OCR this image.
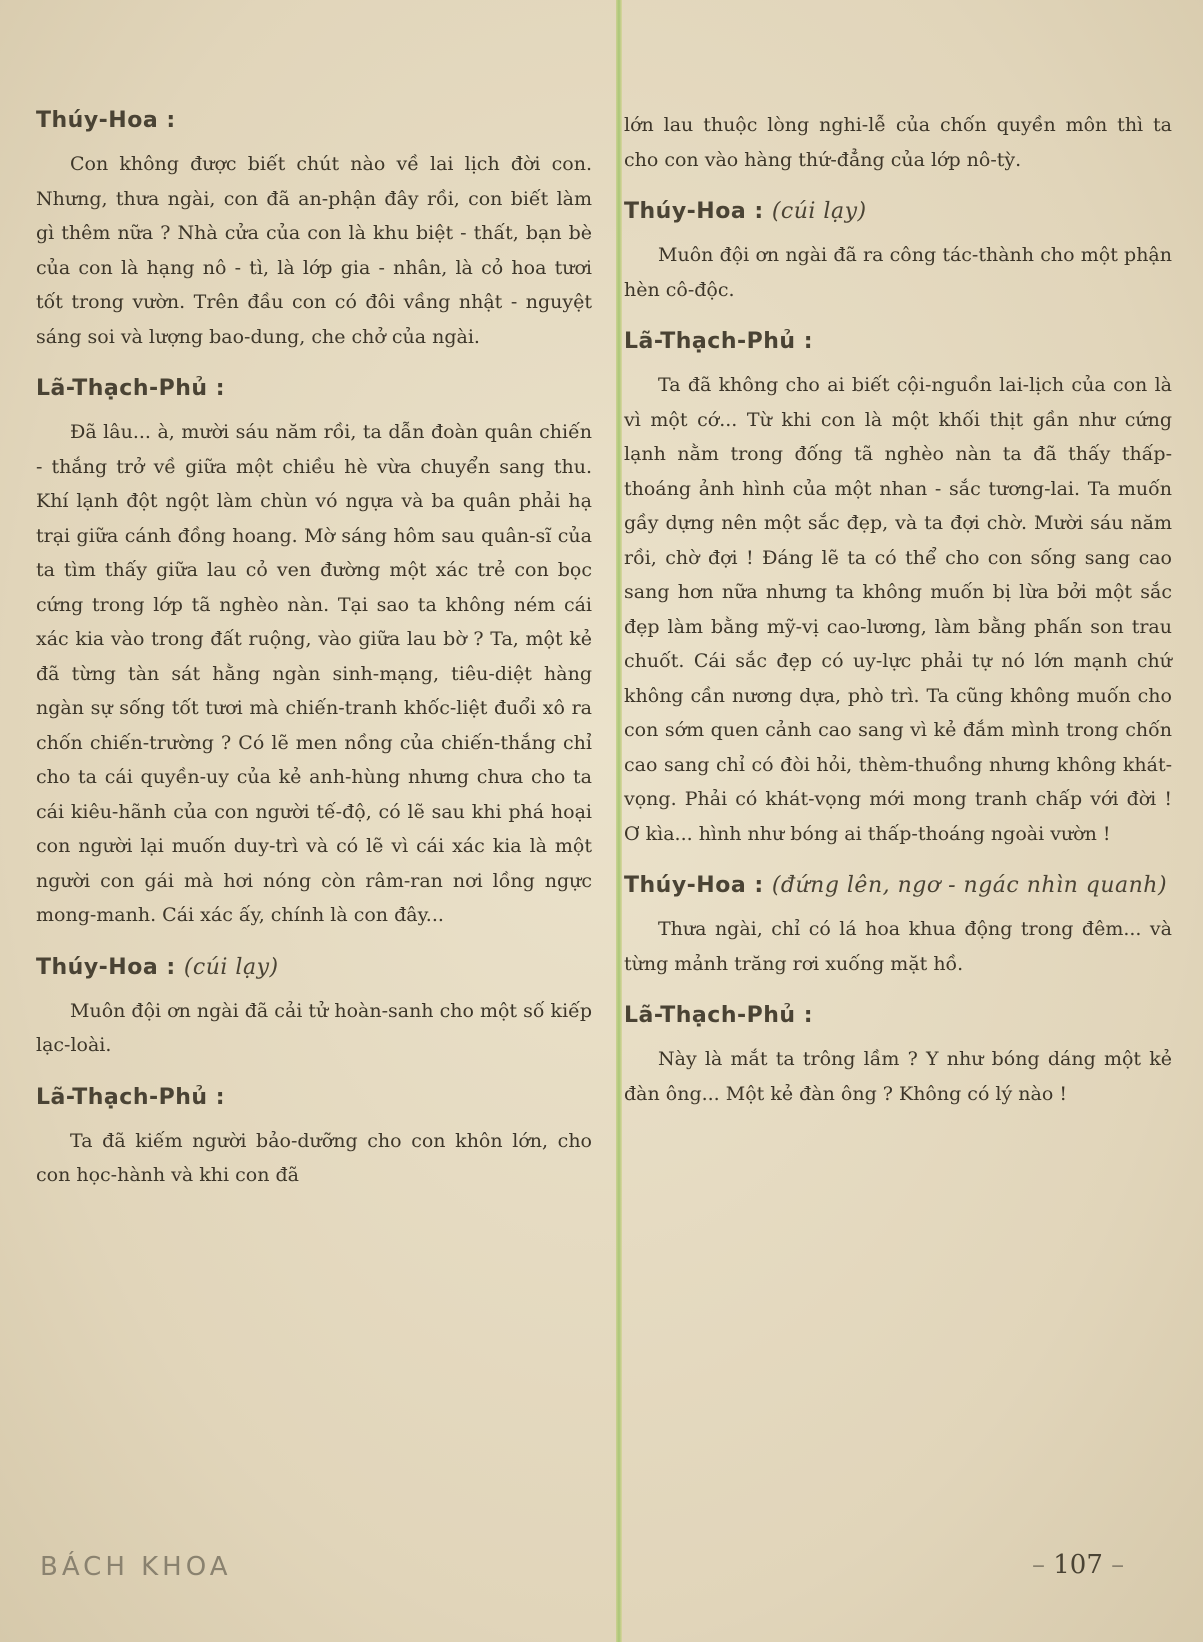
Thúy-Hoa :

Con không được biết chút nào về lai lịch đời con. Nhưng, thưa ngài, con đã an-phận đây rồi, con biết làm gì thêm nữa ? Nhà cửa của con là khu biệt - thất, bạn bè của con là hạng nô - tì, là lớp gia - nhân, là cỏ hoa tươi tốt trong vườn. Trên đầu con có đôi vầng nhật - nguyệt sáng soi và lượng bao-dung, che chở của ngài.

Lã-Thạch-Phủ :

Đã lâu... à, mười sáu năm rồi, ta dẫn đoàn quân chiến - thắng trở về giữa một chiều hè vừa chuyển sang thu. Khí lạnh đột ngột làm chùn vó ngựa và ba quân phải hạ trại giữa cánh đồng hoang. Mờ sáng hôm sau quân-sĩ của ta tìm thấy giữa lau cỏ ven đường một xác trẻ con bọc cứng trong lớp tã nghèo nàn. Tại sao ta không ném cái xác kia vào trong đất ruộng, vào giữa lau bờ ? Ta, một kẻ đã từng tàn sát hằng ngàn sinh-mạng, tiêu-diệt hàng ngàn sự sống tốt tươi mà chiến-tranh khốc-liệt đuổi xô ra chốn chiến-trường ? Có lẽ men nồng của chiến-thắng chỉ cho ta cái quyền-uy của kẻ anh-hùng nhưng chưa cho ta cái kiêu-hãnh của con người tế-độ, có lẽ sau khi phá hoại con người lại muốn duy-trì và có lẽ vì cái xác kia là một người con gái mà hơi nóng còn râm-ran nơi lồng ngực mong-manh. Cái xác ấy, chính là con đây...

Thúy-Hoa : (cúi lạy)

Muôn đội ơn ngài đã cải tử hoàn-sanh cho một số kiếp lạc-loài.

Lã-Thạch-Phủ :

Ta đã kiếm người bảo-dưỡng cho con khôn lớn, cho con học-hành và khi con đã

lớn lau thuộc lòng nghi-lễ của chốn quyền môn thì ta cho con vào hàng thứ-đẳng của lớp nô-tỳ.

Thúy-Hoa : (cúi lạy)

Muôn đội ơn ngài đã ra công tác-thành cho một phận hèn cô-độc.

Lã-Thạch-Phủ :

Ta đã không cho ai biết cội-nguồn lai-lịch của con là vì một cớ... Từ khi con là một khối thịt gần như cứng lạnh nằm trong đống tã nghèo nàn ta đã thấy thấp-thoáng ảnh hình của một nhan - sắc tương-lai. Ta muốn gầy dựng nên một sắc đẹp, và ta đợi chờ. Mười sáu năm rồi, chờ đợi ! Đáng lẽ ta có thể cho con sống sang cao sang hơn nữa nhưng ta không muốn bị lừa bởi một sắc đẹp làm bằng mỹ-vị cao-lương, làm bằng phấn son trau chuốt. Cái sắc đẹp có uy-lực phải tự nó lớn mạnh chứ không cần nương dựa, phò trì. Ta cũng không muốn cho con sớm quen cảnh cao sang vì kẻ đắm mình trong chốn cao sang chỉ có đòi hỏi, thèm-thuồng nhưng không khát-vọng. Phải có khát-vọng mới mong tranh chấp với đời ! Ơ kìa... hình như bóng ai thấp-thoáng ngoài vườn !

Thúy-Hoa : (đứng lên, ngơ - ngác nhìn quanh)

Thưa ngài, chỉ có lá hoa khua động trong đêm... và từng mảnh trăng rơi xuống mặt hồ.

Lã-Thạch-Phủ :

Này là mắt ta trông lầm ? Y như bóng dáng một kẻ đàn ông... Một kẻ đàn ông ? Không có lý nào !

BÁCH KHOA	– 107 –
